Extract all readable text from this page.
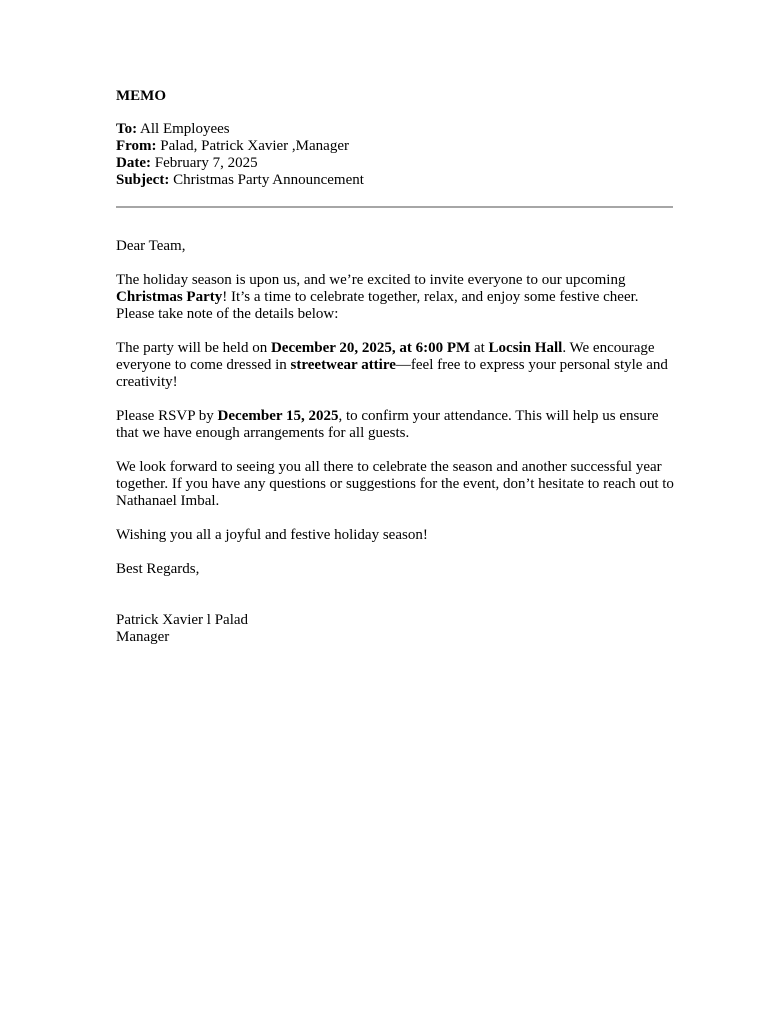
MEMO
To: All Employees
From: Palad, Patrick Xavier ,Manager
Date: February 7, 2025
Subject: Christmas Party Announcement

Dear Team,

The holiday season is upon us, and we’re excited to invite everyone to our upcoming Christmas Party! It’s a time to celebrate together, relax, and enjoy some festive cheer. Please take note of the details below:

The party will be held on December 20, 2025, at 6:00 PM at Locsin Hall. We encourage everyone to come dressed in streetwear attire—feel free to express your personal style and creativity!

Please RSVP by December 15, 2025, to confirm your attendance. This will help us ensure that we have enough arrangements for all guests.

We look forward to seeing you all there to celebrate the season and another successful year together. If you have any questions or suggestions for the event, don’t hesitate to reach out to Nathanael Imbal.

Wishing you all a joyful and festive holiday season!

Best Regards,

Patrick Xavier l Palad
Manager
